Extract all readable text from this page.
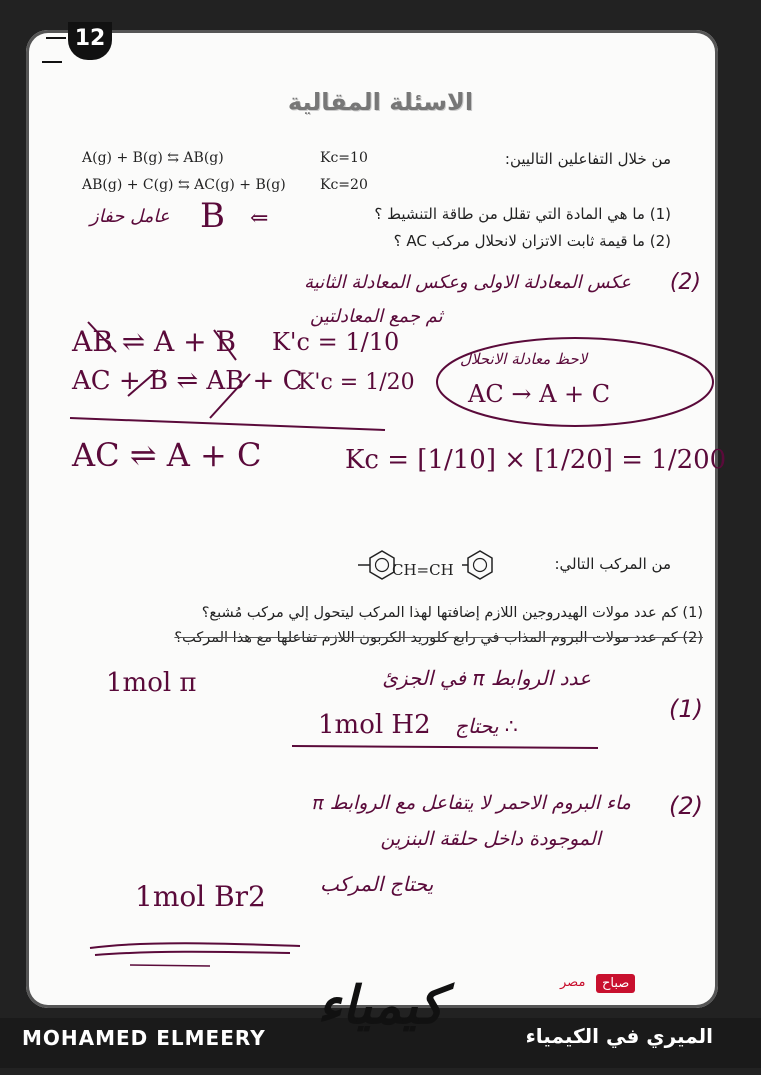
12
الاسئلة المقالية
A(g) + B(g) ⇆ AB(g)	Kc=10	من خلال التفاعلين التاليين:
AB(g) + C(g) ⇆ AC(g) + B(g) Kc=20
(1) ما هي المادة التي تقلل من طاقة التنشيط ؟
(2) ما قيمة ثابت الاتزان لانحلال مركب AC ؟
عامل حفاز B ⇐
(2)
عكس المعادلة الاولى وعكس المعادلة الثانية
ثم جمع المعادلتين
AB ⇌ A + B K'c = 1/10
AC + B ⇌ AB + C
K'c = 1/20
لاحظ معادلة الانحلال
AC → A + C
AC ⇌ A + C	Kc = [1/10] × [1/20] = 1/200
من المركب التالي:
CH=CH
(1) كم عدد مولات الهيدروجين اللازم إضافتها لهذا المركب ليتحول إلي مركب مُشبع؟
(2) كم عدد مولات البروم المذاب في رابع كلوريد الكربون اللازم تفاعلها مع هذا المركب؟
(1)
عدد الروابط π في الجزئ
1mol π
∴ يحتاج
1mol H2
(2)
ماء البروم الاحمر لا يتفاعل مع الروابط π
الموجودة داخل حلقة البنزين
يحتاج المركب
1mol Br2
مصر	صباح
كيمياء
MOHAMED ELMEERY	الميري في الكيمياء
